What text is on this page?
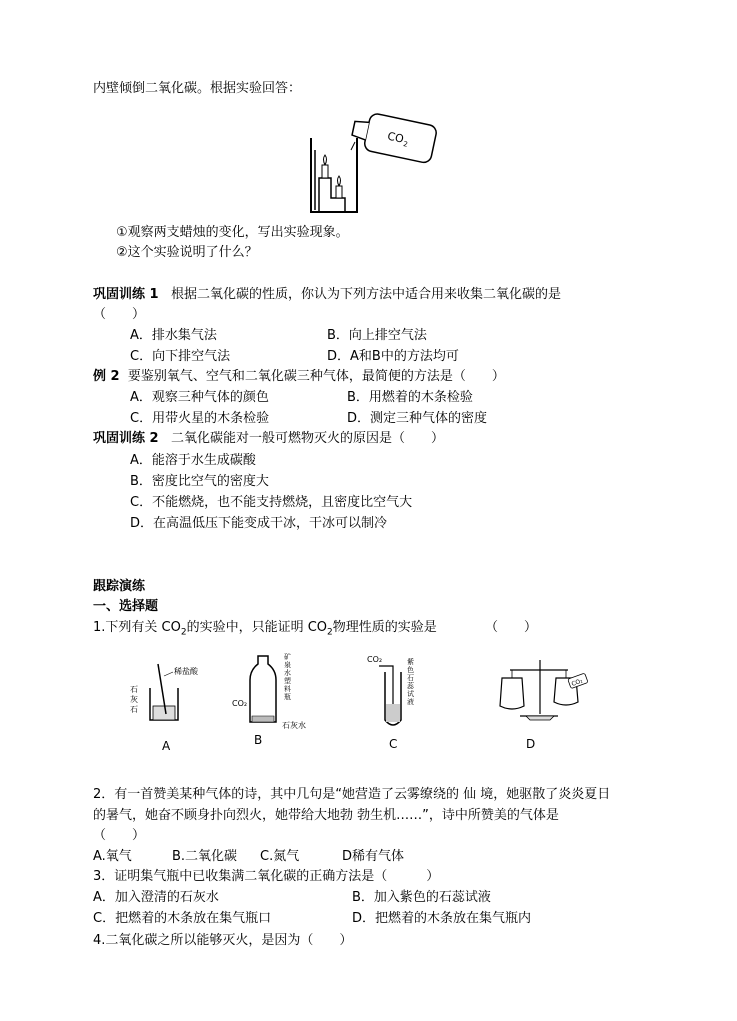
内壁倾倒二氧化碳。根据实验回答：
CO
2
①观察两支蜡烛的变化，写出实验现象。
②这个实验说明了什么？
巩固训练 1 根据二氧化碳的性质，你认为下列方法中适合用来收集二氧化碳的是
（　　）
A．排水集气法	B．向上排空气法
C．向下排空气法	D．A和B中的方法均可
例 2 要鉴别氧气、空气和二氧化碳三种气体，最简便的方法是（　　）
A．观察三种气体的颜色	B．用燃着的木条检验
C．用带火星的木条检验	D．测定三种气体的密度
巩固训练 2 二氧化碳能对一般可燃物灭火的原因是（　　）
A．能溶于水生成碳酸
B．密度比空气的密度大
C．不能燃烧，也不能支持燃烧，且密度比空气大
D．在高温低压下能变成干冰，干冰可以制冷
跟踪演练
一、选择题
1.下列有关 $CO_2$的实验中，只能证明 $CO_2$物理性质的实验是	（　　）
稀盐酸
石
灰
石
A
矿
泉
水
塑
料
瓶
CO₂
石灰水
B
CO₂	紫
色
石
蕊
试
液
C
CO₂
D
2．有一首赞美某种气体的诗，其中几句是“她营造了云雾缭绕的 仙 境，她驱散了炎炎夏日
的暑气，她奋不顾身扑向烈火，她带给大地勃 勃生机……”，诗中所赞美的气体是
（　　）
A.氧气	B.二氧化碳 C.氮气	D稀有气体
3．证明集气瓶中已收集满二氧化碳的正确方法是（　　　）
A．加入澄清的石灰水	B．加入紫色的石蕊试液
C．把燃着的木条放在集气瓶口	D．把燃着的木条放在集气瓶内
4.二氧化碳之所以能够灭火，是因为（　　）
